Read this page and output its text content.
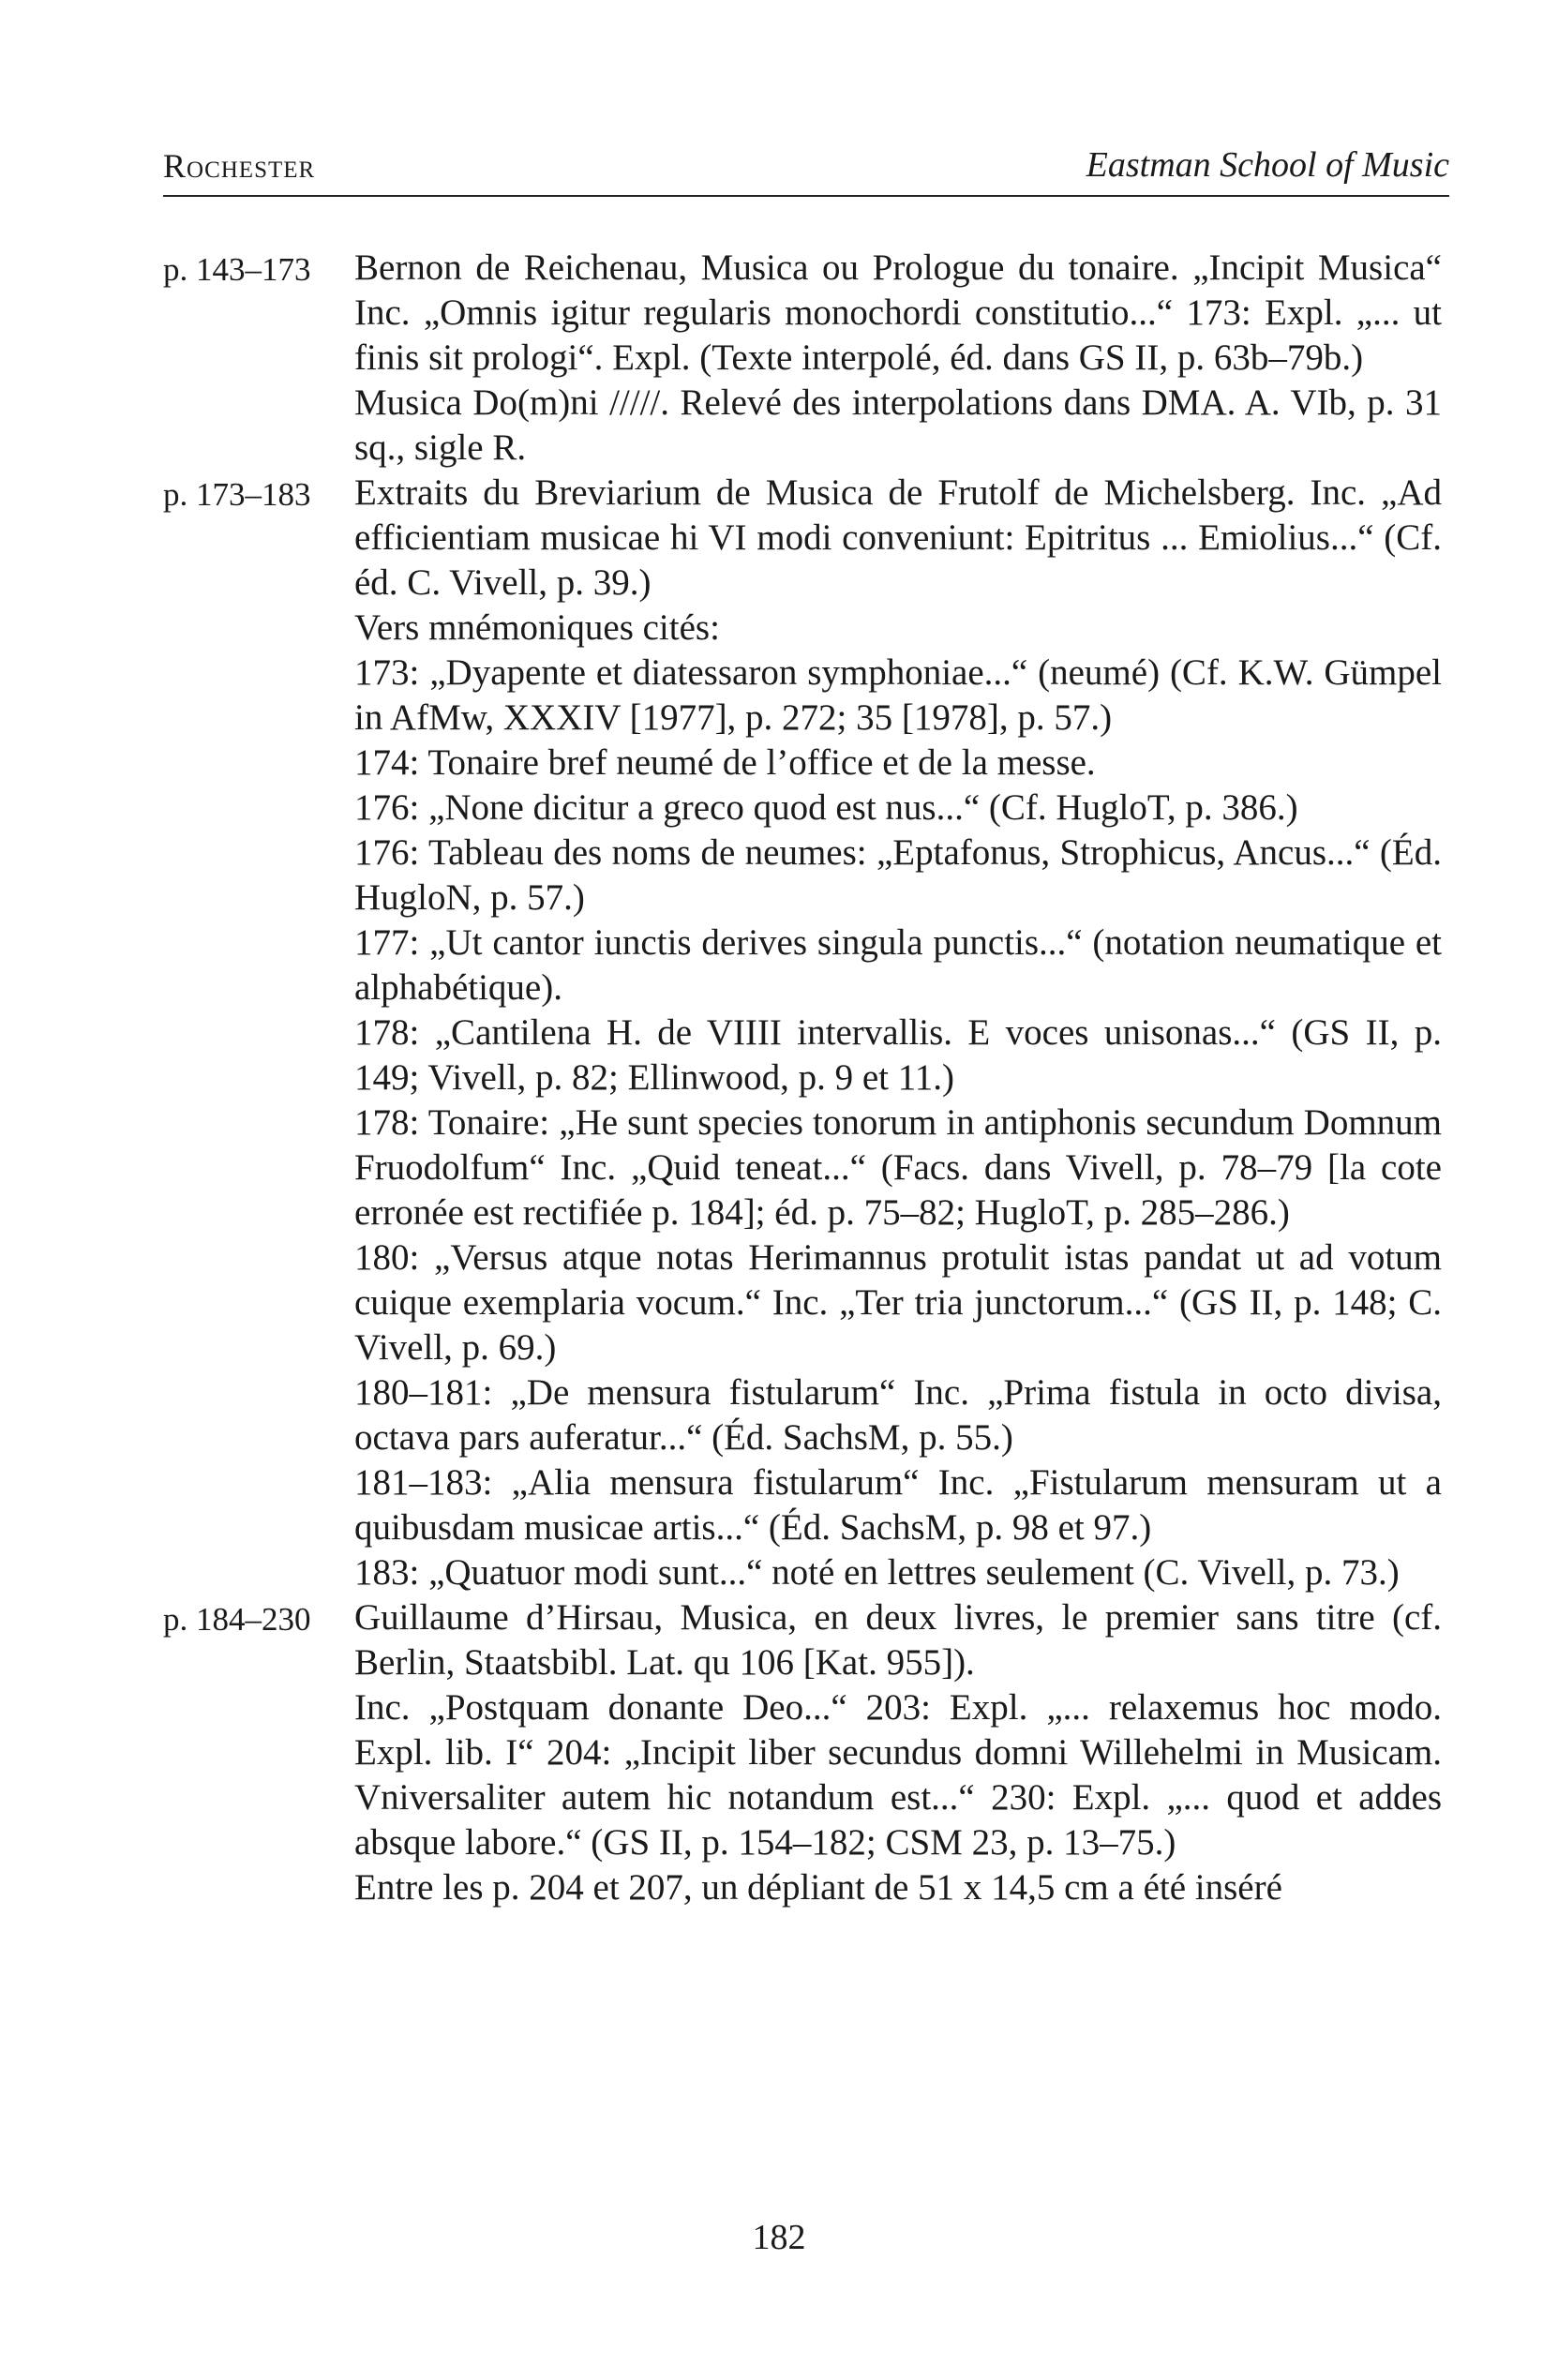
Rochester	Eastman School of Music
p. 143–173	Bernon de Reichenau, Musica ou Prologue du tonaire. „Incipit Musica“ Inc. „Omnis igitur regularis monochordi constitutio...“ 173: Expl. „... ut finis sit prologi“. Expl. (Texte interpolé, éd. dans GS II, p. 63b–79b.)

Musica Do(m)ni /////. Relevé des interpolations dans DMA. A. VIb, p. 31 sq., sigle R.

p. 173–183	Extraits du Breviarium de Musica de Frutolf de Michelsberg. Inc. „Ad efficientiam musicae hi VI modi conveniunt: Epitritus ... Emiolius...“ (Cf. éd. C. Vivell, p. 39.)

Vers mnémoniques cités:

173: „Dyapente et diatessaron symphoniae...“ (neumé) (Cf. K.W. Gümpel in AfMw, XXXIV [1977], p. 272; 35 [1978], p. 57.)

174: Tonaire bref neumé de l’office et de la messe.

176: „None dicitur a greco quod est nus...“ (Cf. HugloT, p. 386.)

176: Tableau des noms de neumes: „Eptafonus, Strophicus, Ancus...“ (Éd. HugloN, p. 57.)

177: „Ut cantor iunctis derives singula punctis...“ (notation neumatique et alphabétique).

178: „Cantilena H. de VIIII intervallis. E voces unisonas...“ (GS II, p. 149; Vivell, p. 82; Ellinwood, p. 9 et 11.)

178: Tonaire: „He sunt species tonorum in antiphonis secundum Domnum Fruodolfum“ Inc. „Quid teneat...“ (Facs. dans Vivell, p. 78–79 [la cote erronée est rectifiée p. 184]; éd. p. 75–82; HugloT, p. 285–286.)

180: „Versus atque notas Herimannus protulit istas pandat ut ad votum cuique exemplaria vocum.“ Inc. „Ter tria junctorum...“ (GS II, p. 148; C. Vivell, p. 69.)

180–181: „De mensura fistularum“ Inc. „Prima fistula in octo divisa, octava pars auferatur...“ (Éd. SachsM, p. 55.)

181–183: „Alia mensura fistularum“ Inc. „Fistularum mensuram ut a quibusdam musicae artis...“ (Éd. SachsM, p. 98 et 97.)

183: „Quatuor modi sunt...“ noté en lettres seulement (C. Vivell, p. 73.)

p. 184–230	Guillaume d’Hirsau, Musica, en deux livres, le premier sans titre (cf. Berlin, Staatsbibl. Lat. qu 106 [Kat. 955]).

Inc. „Postquam donante Deo...“ 203: Expl. „... relaxemus hoc modo. Expl. lib. I“ 204: „Incipit liber secundus domni Willehelmi in Musicam. Vniversaliter autem hic notandum est...“ 230: Expl. „... quod et addes absque labore.“ (GS II, p. 154–182; CSM 23, p. 13–75.)

Entre les p. 204 et 207, un dépliant de 51 x 14,5 cm a été inséré

182
